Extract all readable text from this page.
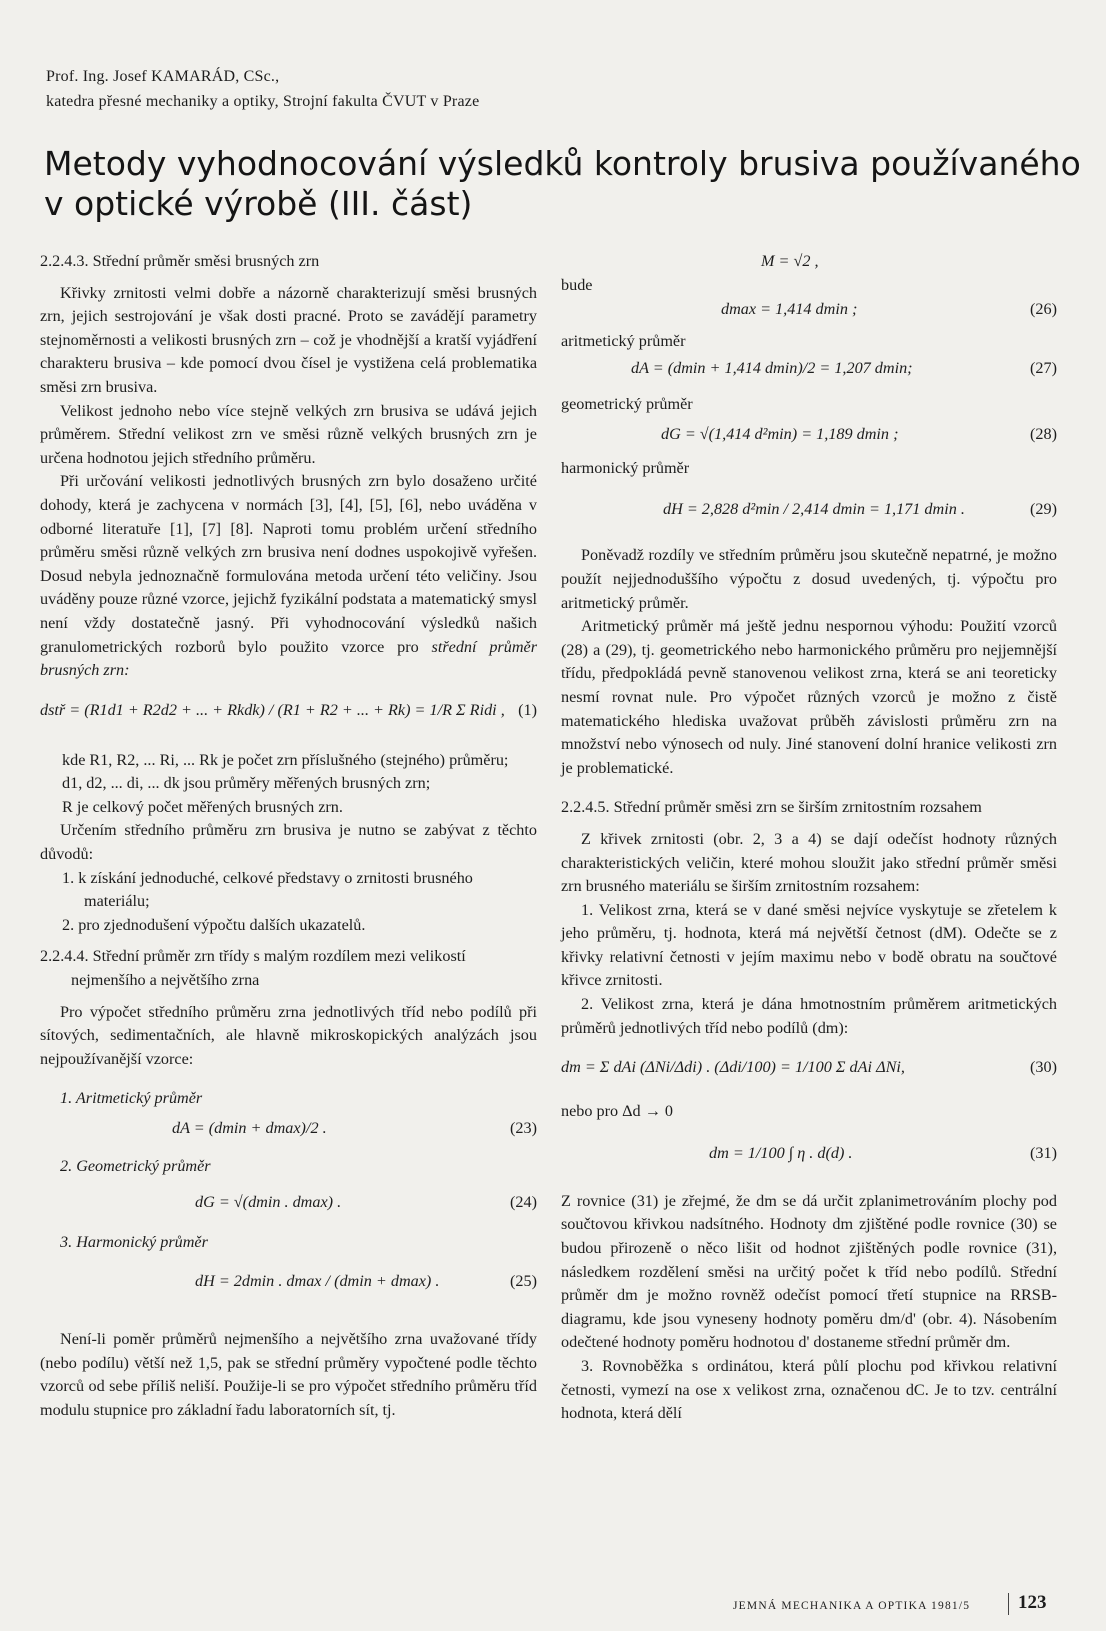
Prof. Ing. Josef KAMARÁD, CSc.,
katedra přesné mechaniky a optiky, Strojní fakulta ČVUT v Praze
Metody vyhodnocování výsledků kontroly brusiva používaného
v optické výrobě (III. část)
2.2.4.3. Střední průměr směsi brusných zrn

Křivky zrnitosti velmi dobře a názorně charakterizují směsi brusných zrn, jejich sestrojování je však dosti pracné. Proto se zavádějí parametry stejnoměrnosti a velikosti brusných zrn – což je vhodnější a kratší vyjádření charakteru brusiva – kde pomocí dvou čísel je vystižena celá problematika směsi zrn brusiva.

Velikost jednoho nebo více stejně velkých zrn brusiva se udává jejich průměrem. Střední velikost zrn ve směsi různě velkých brusných zrn je určena hodnotou jejich středního průměru.

Při určování velikosti jednotlivých brusných zrn bylo dosaženo určité dohody, která je zachycena v normách [3], [4], [5], [6], nebo uváděna v odborné literatuře [1], [7] [8]. Naproti tomu problém určení středního průměru směsi různě velkých zrn brusiva není dodnes uspokojivě vyřešen. Dosud nebyla jednoznačně formulována metoda určení této veličiny. Jsou uváděny pouze různé vzorce, jejichž fyzikální podstata a matematický smysl není vždy dostatečně jasný. Při vyhodnocování výsledků našich granulometrických rozborů bylo použito vzorce pro střední průměr brusných zrn:

dstř = (R1d1 + R2d2 + ... + Rkdk) / (R1 + R2 + ... + Rk) = 1/R Σ Ridi , (1)
kde R1, R2, ... Ri, ... Rk je počet zrn příslušného (stejného) průměru;
d1, d2, ... di, ... dk jsou průměry měřených brusných zrn;
R je celkový počet měřených brusných zrn.

Určením středního průměru zrn brusiva je nutno se zabývat z těchto důvodů:

1. k získání jednoduché, celkové představy o zrnitosti brusného materiálu;
2. pro zjednodušení výpočtu dalších ukazatelů.
2.2.4.4. Střední průměr zrn třídy s malým rozdílem mezi velikostí nejmenšího a největšího zrna

Pro výpočet středního průměru zrna jednotlivých tříd nebo podílů při sítových, sedimentačních, ale hlavně mikroskopických analýzách jsou nejpoužívanější vzorce:

1. Aritmetický průměr
dA = (dmin + dmax)/2 .	(23)
2. Geometrický průměr
dG = √(dmin . dmax) .	(24)
3. Harmonický průměr
dH = 2dmin . dmax / (dmin + dmax) .	(25)

Není-li poměr průměrů nejmenšího a největšího zrna uvažované třídy (nebo podílu) větší než 1,5, pak se střední průměry vypočtené podle těchto vzorců od sebe příliš neliší. Použije-li se pro výpočet středního průměru tříd modulu stupnice pro základní řadu laboratorních sít, tj.

M = √2 ,
bude
dmax = 1,414 dmin ;	(26)
aritmetický průměr
dA = (dmin + 1,414 dmin)/2 = 1,207 dmin;	(27)
geometrický průměr
dG = √(1,414 d²min) = 1,189 dmin ;	(28)
harmonický průměr
dH = 2,828 d²min / 2,414 dmin = 1,171 dmin .	(29)

Poněvadž rozdíly ve středním průměru jsou skutečně nepatrné, je možno použít nejjednoduššího výpočtu z dosud uvedených, tj. výpočtu pro aritmetický průměr.

Aritmetický průměr má ještě jednu nespornou výhodu: Použití vzorců (28) a (29), tj. geometrického nebo harmonického průměru pro nejjemnější třídu, předpokládá pevně stanovenou velikost zrna, která se ani teoreticky nesmí rovnat nule. Pro výpočet různých vzorců je možno z čistě matematického hlediska uvažovat průběh závislosti průměru zrn na množství nebo výnosech od nuly. Jiné stanovení dolní hranice velikosti zrn je problematické.

2.2.4.5. Střední průměr směsi zrn se širším zrnitostním rozsahem

Z křivek zrnitosti (obr. 2, 3 a 4) se dají odečíst hodnoty různých charakteristických veličin, které mohou sloužit jako střední průměr směsi zrn brusného materiálu se širším zrnitostním rozsahem:

1. Velikost zrna, která se v dané směsi nejvíce vyskytuje se zřetelem k jeho průměru, tj. hodnota, která má největší četnost (dM). Odečte se z křivky relativní četnosti v jejím maximu nebo v bodě obratu na součtové křivce zrnitosti.

2. Velikost zrna, která je dána hmotnostním průměrem aritmetických průměrů jednotlivých tříd nebo podílů (dm):

dm = Σ dAi (ΔNi/Δdi) . (Δdi/100) = 1/100 Σ dAi ΔNi,	(30)
nebo pro Δd → 0
dm = 1/100 ∫ η . d(d) .	(31)

Z rovnice (31) je zřejmé, že dm se dá určit zplanimetrováním plochy pod součtovou křivkou nadsítného. Hodnoty dm zjištěné podle rovnice (30) se budou přirozeně o něco lišit od hodnot zjištěných podle rovnice (31), následkem rozdělení směsi na určitý počet k tříd nebo podílů. Střední průměr dm je možno rovněž odečíst pomocí třetí stupnice na RRSB-diagramu, kde jsou vyneseny hodnoty poměru dm/d' (obr. 4). Násobením odečtené hodnoty poměru hodnotou d' dostaneme střední průměr dm.

3. Rovnoběžka s ordinátou, která půlí plochu pod křivkou relativní četnosti, vymezí na ose x velikost zrna, označenou dC. Je to tzv. centrální hodnota, která dělí

JEMNÁ MECHANIKA A OPTIKA 1981/5	123
